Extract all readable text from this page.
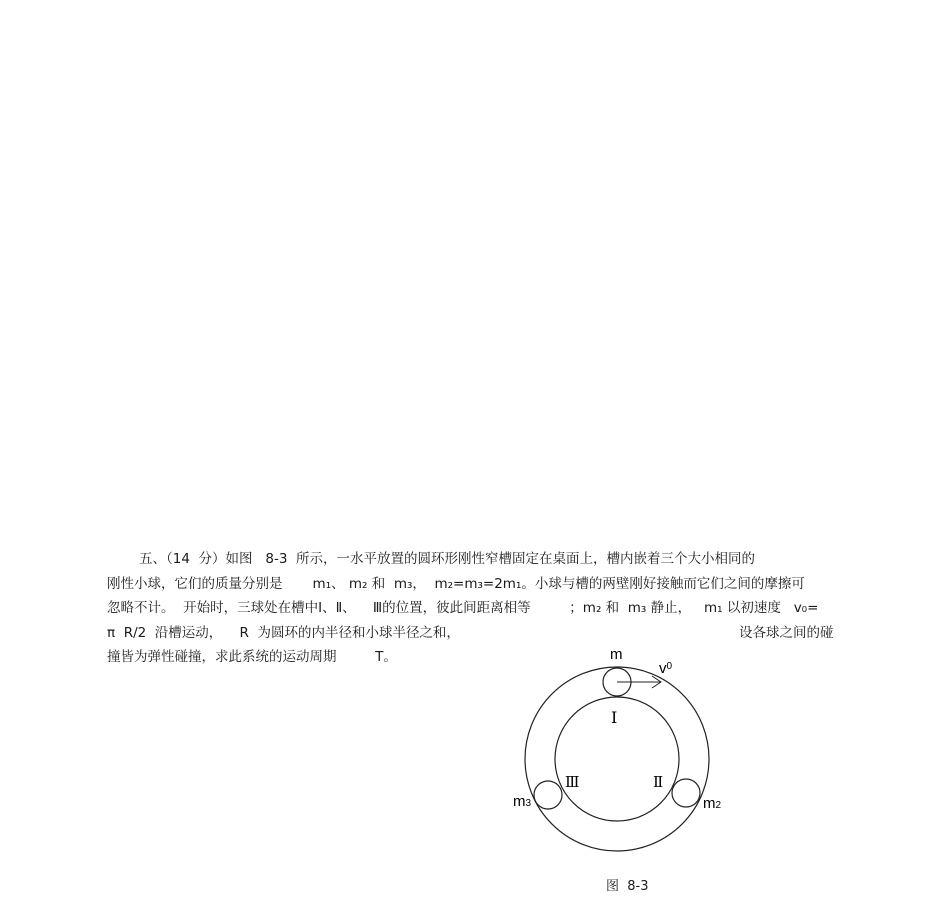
五、（14  分）如图   8-3  所示，一水平放置的圆环形刚性窄槽固定在桌面上，槽内嵌着三个大小相同的
刚性小球，它们的质量分别是       m₁、 m₂ 和  m₃，  m₂=m₃=2m₁。小球与槽的两壁刚好接触而它们之间的摩擦可
忽略不计。  开始时，三球处在槽中Ⅰ、Ⅱ、    Ⅲ的位置，彼此间距离相等         ；m₂ 和  m₃ 静止，   m₁ 以初速度   v₀=
π  R/2  沿槽运动，    R  为圆环的内半径和小球半径之和，	设各球之间的碰
撞皆为弹性碰撞，求此系统的运动周期         T。	m
$v^0$
Ⅰ
Ⅲ	Ⅱ
m3	m2
图  8-3
